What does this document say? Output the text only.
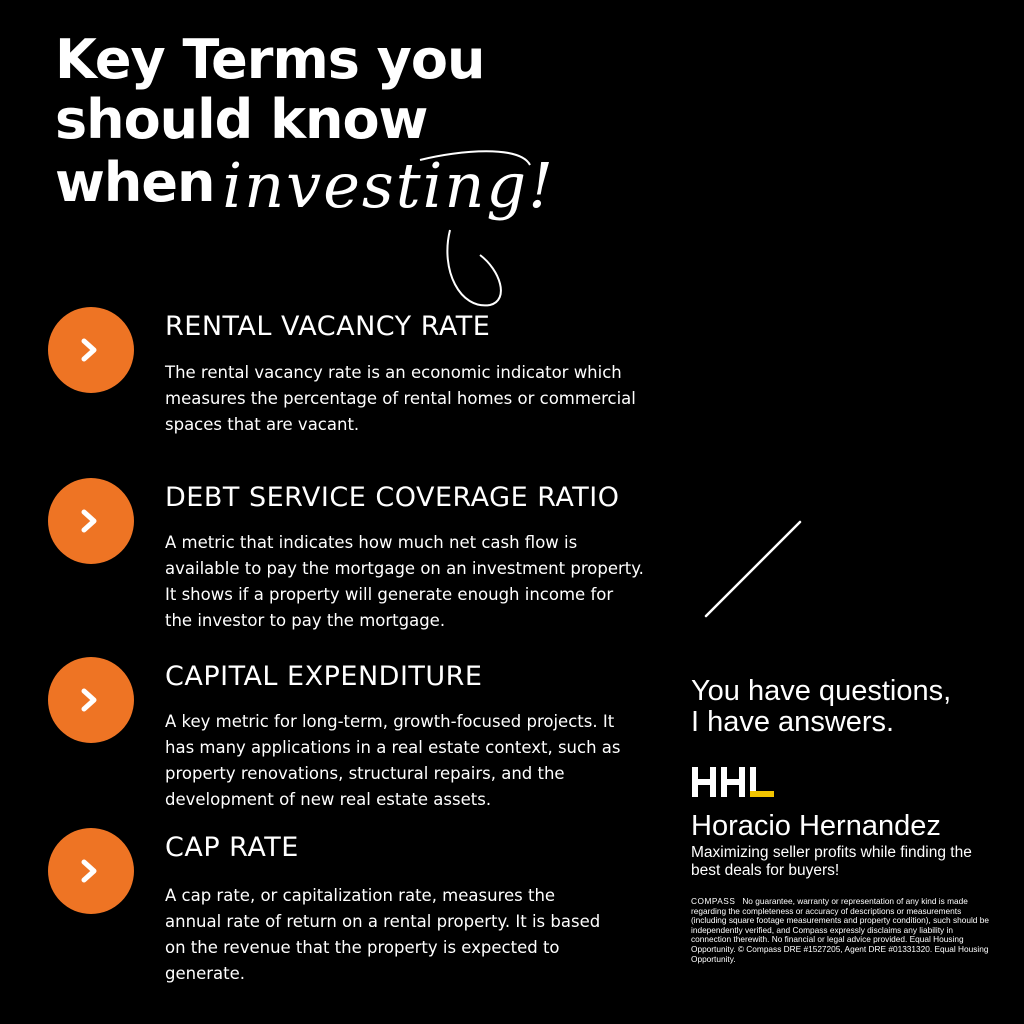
Key Terms you
should know
when investing!
RENTAL VACANCY RATE

The rental vacancy rate is an economic indicator which measures the percentage of rental homes or commercial spaces that are vacant.

DEBT SERVICE COVERAGE RATIO

A metric that indicates how much net cash flow is available to pay the mortgage on an investment property. It shows if a property will generate enough income for the investor to pay the mortgage.

CAPITAL EXPENDITURE

A key metric for long-term, growth-focused projects. It has many applications in a real estate context, such as property renovations, structural repairs, and the development of new real estate assets.

CAP RATE

A cap rate, or capitalization rate, measures the annual rate of return on a rental property. It is based on the revenue that the property is expected to generate.

You have questions,
I have answers.

Horacio Hernandez

Maximizing seller profits while finding the best deals for buyers!

COMPASS No guarantee, warranty or representation of any kind is made regarding the completeness or accuracy of descriptions or measurements (including square footage measurements and property condition), such should be independently verified, and Compass expressly disclaims any liability in connection therewith. No financial or legal advice provided. Equal Housing Opportunity. © Compass DRE #1527205, Agent DRE #01331320. Equal Housing Opportunity.
